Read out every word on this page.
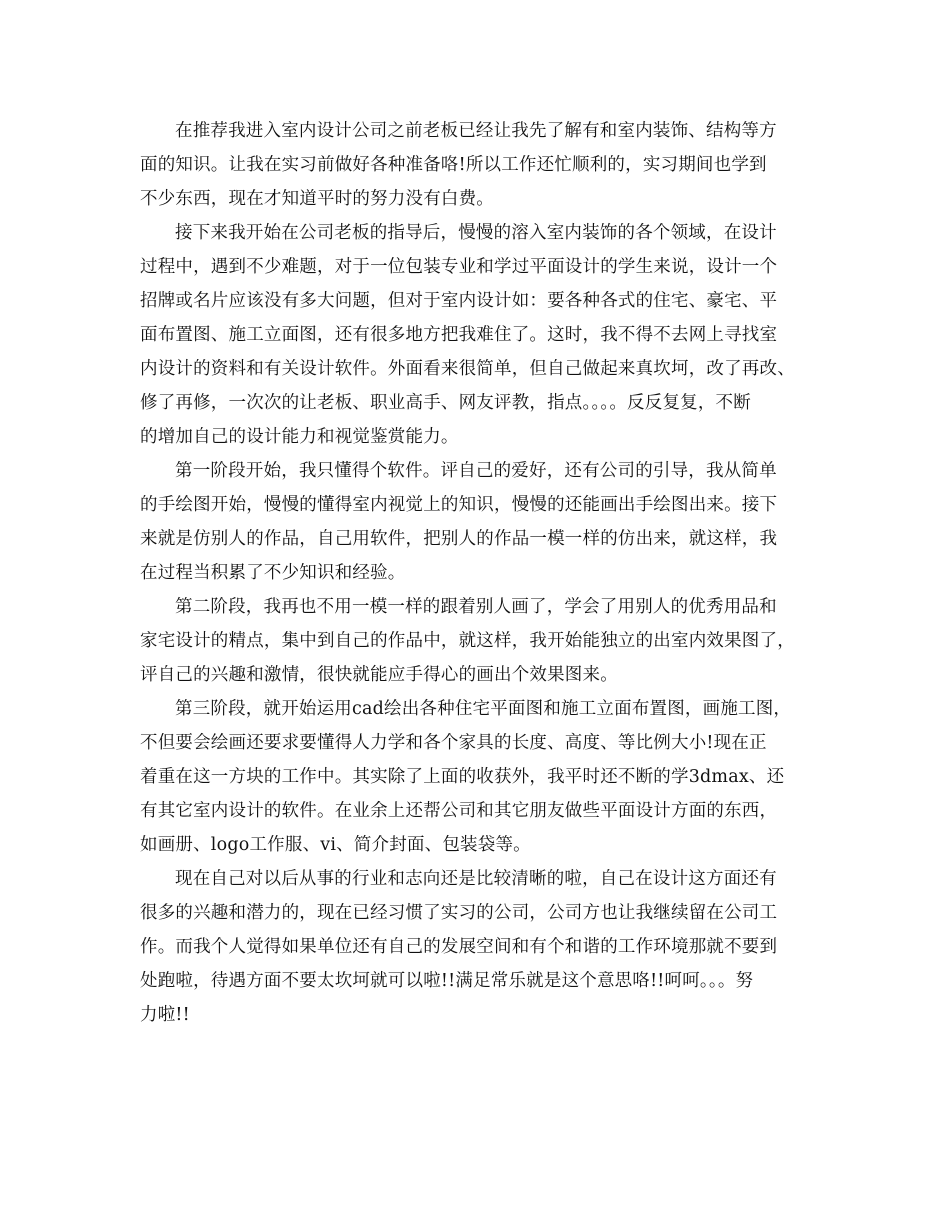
在推荐我进入室内设计公司之前老板已经让我先了解有和室内装饰、结构等方
面的知识。让我在实习前做好各种准备咯!所以工作还忙顺利的，实习期间也学到
不少东西，现在才知道平时的努力没有白费。
接下来我开始在公司老板的指导后，慢慢的溶入室内装饰的各个领域，在设计
过程中，遇到不少难题，对于一位包装专业和学过平面设计的学生来说，设计一个
招牌或名片应该没有多大问题，但对于室内设计如：要各种各式的住宅、豪宅、平
面布置图、施工立面图，还有很多地方把我难住了。这时，我不得不去网上寻找室
内设计的资料和有关设计软件。外面看来很简单，但自己做起来真坎坷，改了再改、
修了再修，一次次的让老板、职业高手、网友评教，指点。。。。反反复复，不断
的增加自己的设计能力和视觉鉴赏能力。
第一阶段开始，我只懂得个软件。评自己的爱好，还有公司的引导，我从简单
的手绘图开始，慢慢的懂得室内视觉上的知识，慢慢的还能画出手绘图出来。接下
来就是仿别人的作品，自己用软件，把别人的作品一模一样的仿出来，就这样，我
在过程当积累了不少知识和经验。
第二阶段，我再也不用一模一样的跟着别人画了，学会了用别人的优秀用品和
家宅设计的精点，集中到自己的作品中，就这样，我开始能独立的出室内效果图了，
评自己的兴趣和激情，很快就能应手得心的画出个效果图来。
第三阶段，就开始运用cad绘出各种住宅平面图和施工立面布置图，画施工图，
不但要会绘画还要求要懂得人力学和各个家具的长度、高度、等比例大小!现在正
着重在这一方块的工作中。其实除了上面的收获外，我平时还不断的学3dmax、还
有其它室内设计的软件。在业余上还帮公司和其它朋友做些平面设计方面的东西，
如画册、logo工作服、vi、简介封面、包装袋等。
现在自己对以后从事的行业和志向还是比较清晰的啦，自己在设计这方面还有
很多的兴趣和潜力的，现在已经习惯了实习的公司，公司方也让我继续留在公司工
作。而我个人觉得如果单位还有自己的发展空间和有个和谐的工作环境那就不要到
处跑啦，待遇方面不要太坎坷就可以啦!!满足常乐就是这个意思咯!!呵呵。。。努
力啦!!
